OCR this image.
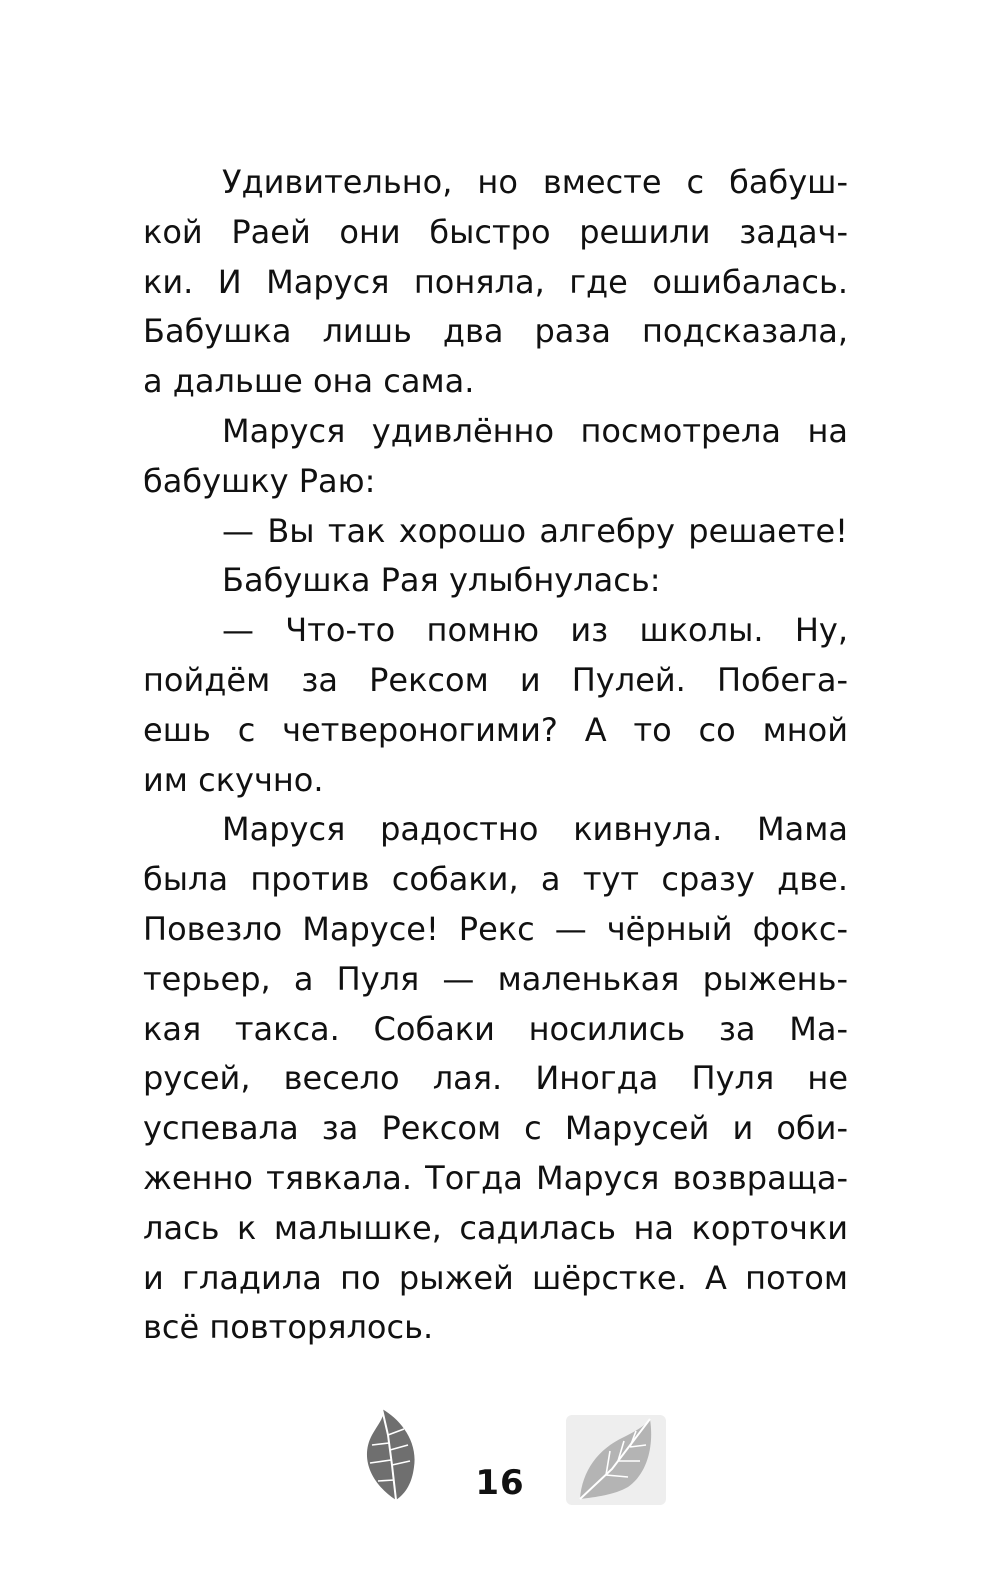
Удивительно, но вместе с бабуш-
кой Раей они быстро решили задач-
ки. И Маруся поняла, где ошибалась.
Бабушка лишь два раза подсказала,
а дальше она сама.
Маруся удивлённо посмотрела на
бабушку Раю:
— Вы так хорошо алгебру решаете!
Бабушка Рая улыбнулась:
— Что-то помню из школы. Ну,
пойдём за Рексом и Пулей. Побега-
ешь с четвероногими? А то со мной
им скучно.
Маруся радостно кивнула. Мама
была против собаки, а тут сразу две.
Повезло Марусе! Рекс — чёрный фокс-
терьер, а Пуля — маленькая рыжень-
кая такса. Собаки носились за Ма-
русей, весело лая. Иногда Пуля не
успевала за Рексом с Марусей и оби-
женно тявкала. Тогда Маруся возвраща-
лась к малышке, садилась на корточки
и гладила по рыжей шёрстке. А потом
всё повторялось.
16
